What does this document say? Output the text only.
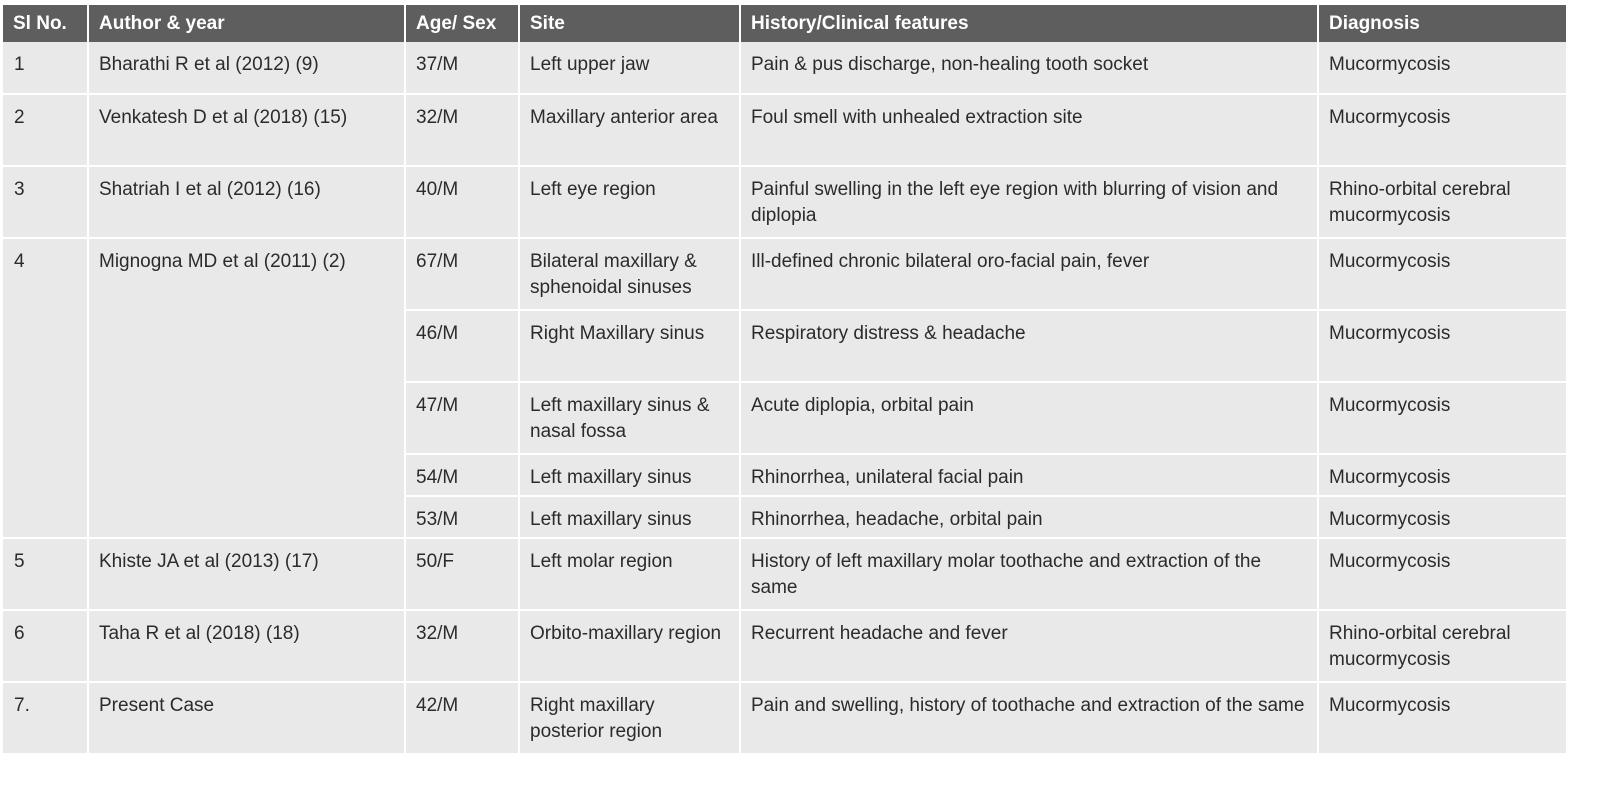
Sl No.	Author & year	Age/ Sex	Site	History/Clinical features	Diagnosis
1	Bharathi R et al (2012) (9)	37/M	Left upper jaw	Pain & pus discharge, non-healing tooth socket	Mucormycosis
2	Venkatesh D et al (2018) (15)	32/M	Maxillary anterior area	Foul smell with unhealed extraction site	Mucormycosis
3	Shatriah I et al (2012) (16)	40/M	Left eye region	Painful swelling in the left eye region with blurring of vision and diplopia	Rhino-orbital cerebral mucormycosis
4	Mignogna MD et al (2011) (2)	67/M	Bilateral maxillary & sphenoidal sinuses	Ill-defined chronic bilateral oro-facial pain, fever	Mucormycosis
		46/M	Right Maxillary sinus	Respiratory distress & headache	Mucormycosis
		47/M	Left maxillary sinus & nasal fossa	Acute diplopia, orbital pain	Mucormycosis
		54/M	Left maxillary sinus	Rhinorrhea, unilateral facial pain	Mucormycosis
		53/M	Left maxillary sinus	Rhinorrhea, headache, orbital pain	Mucormycosis
5	Khiste JA et al (2013) (17)	50/F	Left molar region	History of left maxillary molar toothache and extraction of the same	Mucormycosis
6	Taha R et al (2018) (18)	32/M	Orbito-maxillary region	Recurrent headache and fever	Rhino-orbital cerebral mucormycosis
7.	Present Case	42/M	Right maxillary posterior region	Pain and swelling, history of toothache and extraction of the same	Mucormycosis
